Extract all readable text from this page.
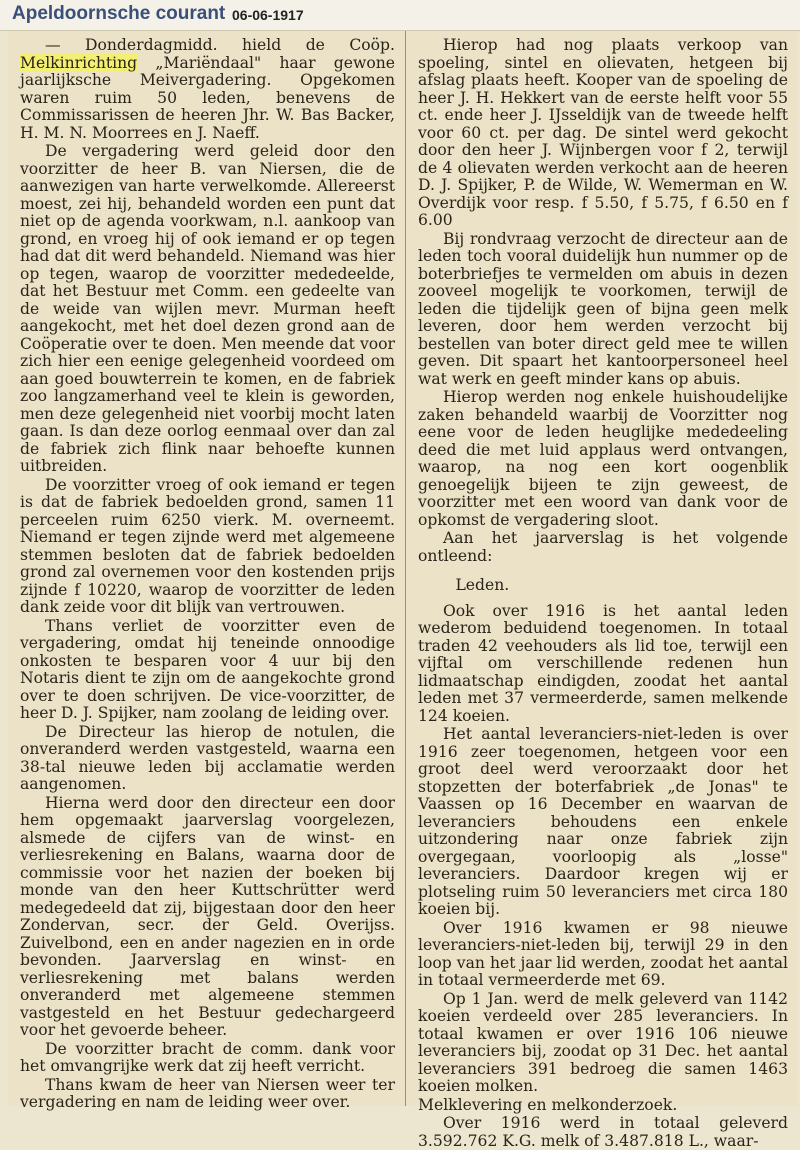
Apeldoornsche courant 06-06-1917

— Donderdagmidd. hield de Coöp. Melkinrichting „Mariëndaal" haar gewone jaarlijksche Meivergadering. Opgekomen waren ruim 50 leden, benevens de Commissarissen de heeren Jhr. W. Bas Backer, H. M. N. Moorrees en J. Naeff.

De vergadering werd geleid door den voorzitter de heer B. van Niersen, die de aanwezigen van harte verwelkomde. Allereerst moest, zei hij, behandeld worden een punt dat niet op de agenda voorkwam, n.l. aankoop van grond, en vroeg hij of ook iemand er op tegen had dat dit werd behandeld. Niemand was hier op tegen, waarop de voorzitter mededeelde, dat het Bestuur met Comm. een gedeelte van de weide van wijlen mevr. Murman heeft aangekocht, met het doel dezen grond aan de Coöperatie over te doen. Men meende dat voor zich hier een eenige gelegenheid voordeed om aan goed bouwterrein te komen, en de fabriek zoo langzamerhand veel te klein is geworden, men deze gelegenheid niet voorbij mocht laten gaan. Is dan deze oorlog eenmaal over dan zal de fabriek zich flink naar behoefte kunnen uitbreiden.

De voorzitter vroeg of ook iemand er tegen is dat de fabriek bedoelden grond, samen 11 perceelen ruim 6250 vierk. M. overneemt. Niemand er tegen zijnde werd met algemeene stemmen besloten dat de fabriek bedoelden grond zal overnemen voor den kostenden prijs zijnde f 10220, waarop de voorzitter de leden dank zeide voor dit blijk van vertrouwen.

Thans verliet de voorzitter even de vergadering, omdat hij teneinde onnoodige onkosten te besparen voor 4 uur bij den Notaris dient te zijn om de aangekochte grond over te doen schrijven. De vice-voorzitter, de heer D. J. Spijker, nam zoolang de leiding over.

De Directeur las hierop de notulen, die onveranderd werden vastgesteld, waarna een 38-tal nieuwe leden bij acclamatie werden aangenomen.

Hierna werd door den directeur een door hem opgemaakt jaarverslag voorgelezen, alsmede de cijfers van de winst- en verliesrekening en Balans, waarna door de commissie voor het nazien der boeken bij monde van den heer Kuttschrütter werd medegedeeld dat zij, bijgestaan door den heer Zondervan, secr. der Geld. Overijss. Zuivelbond, een en ander nagezien en in orde bevonden. Jaarverslag en winst- en verliesrekening met balans werden onveranderd met algemeene stemmen vastgesteld en het Bestuur gedechargeerd voor het gevoerde beheer.

De voorzitter bracht de comm. dank voor het omvangrijke werk dat zij heeft verricht.

Thans kwam de heer van Niersen weer ter vergadering en nam de leiding weer over.

Hierop had nog plaats verkoop van spoeling, sintel en olievaten, hetgeen bij afslag plaats heeft. Kooper van de spoeling de heer J. H. Hekkert van de eerste helft voor 55 ct. ende heer J. IJsseldijk van de tweede helft voor 60 ct. per dag. De sintel werd gekocht door den heer J. Wijnbergen voor f 2, terwijl de 4 olievaten werden verkocht aan de heeren D. J. Spijker, P. de Wilde, W. Wemerman en W. Overdijk voor resp. f 5.50, f 5.75, f 6.50 en f 6.00

Bij rondvraag verzocht de directeur aan de leden toch vooral duidelijk hun nummer op de boterbriefjes te vermelden om abuis in dezen zooveel mogelijk te voorkomen, terwijl de leden die tijdelijk geen of bijna geen melk leveren, door hem werden verzocht bij bestellen van boter direct geld mee te willen geven. Dit spaart het kantoorpersoneel heel wat werk en geeft minder kans op abuis.

Hierop werden nog enkele huishoudelijke zaken behandeld waarbij de Voorzitter nog eene voor de leden heuglijke mededeeling deed die met luid applaus werd ontvangen, waarop, na nog een kort oogenblik genoegelijk bijeen te zijn geweest, de voorzitter met een woord van dank voor de opkomst de vergadering sloot.

Aan het jaarverslag is het volgende ontleend:

Leden.

Ook over 1916 is het aantal leden wederom beduidend toegenomen. In totaal traden 42 veehouders als lid toe, terwijl een vijftal om verschillende redenen hun lidmaatschap eindigden, zoodat het aantal leden met 37 vermeerderde, samen melkende 124 koeien.

Het aantal leveranciers-niet-leden is over 1916 zeer toegenomen, hetgeen voor een groot deel werd veroorzaakt door het stopzetten der boterfabriek „de Jonas" te Vaassen op 16 December en waarvan de leveranciers behoudens een enkele uitzondering naar onze fabriek zijn overgegaan, voorloopig als „losse" leveranciers. Daardoor kregen wij er plotseling ruim 50 leveranciers met circa 180 koeien bij.

Over 1916 kwamen er 98 nieuwe leveranciers-niet-leden bij, terwijl 29 in den loop van het jaar lid werden, zoodat het aantal in totaal vermeerderde met 69.

Op 1 Jan. werd de melk geleverd van 1142 koeien verdeeld over 285 leveranciers. In totaal kwamen er over 1916 106 nieuwe leveranciers bij, zoodat op 31 Dec. het aantal leveranciers 391 bedroeg die samen 1463 koeien molken.

Melklevering en melkonderzoek.

Over 1916 werd in totaal geleverd 3.592.762 K.G. melk of 3.487.818 L., waar-
